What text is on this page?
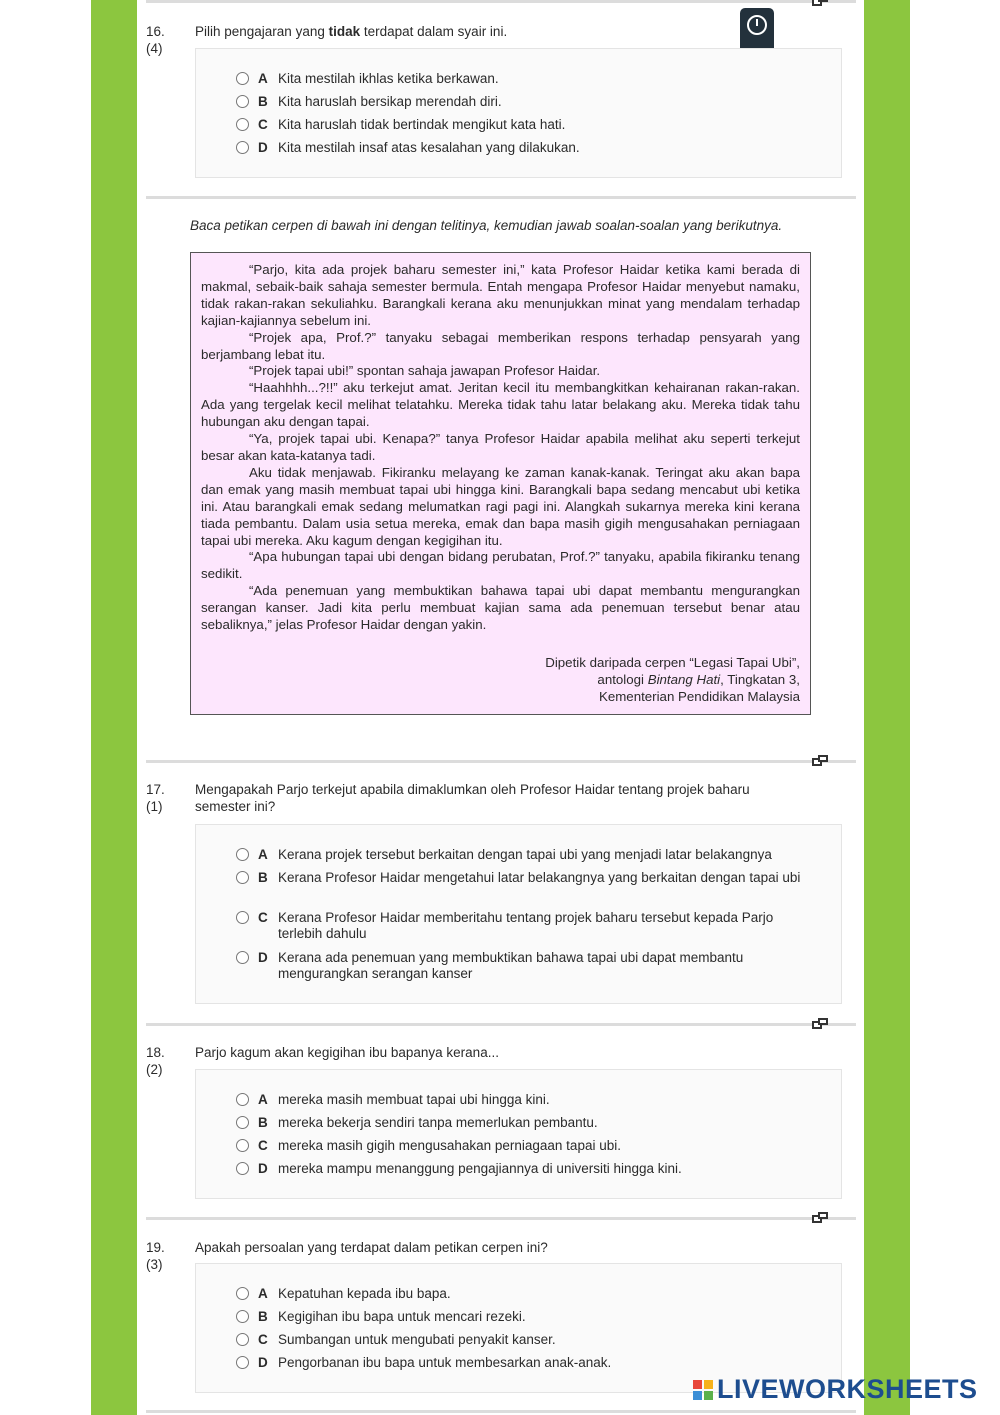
16.(4)
Pilih pengajaran yang tidak terdapat dalam syair ini.
A Kita mestilah ikhlas ketika berkawan.
B Kita haruslah bersikap merendah diri.
C Kita haruslah tidak bertindak mengikut kata hati.
D Kita mestilah insaf atas kesalahan yang dilakukan.
Baca petikan cerpen di bawah ini dengan telitinya, kemudian jawab soalan-soalan yang berikutnya.

“Parjo, kita ada projek baharu semester ini,” kata Profesor Haidar ketika kami berada di makmal, sebaik-baik sahaja semester bermula. Entah mengapa Profesor Haidar menyebut namaku, tidak rakan-rakan sekuliahku. Barangkali kerana aku menunjukkan minat yang mendalam terhadap kajian-kajiannya sebelum ini.

“Projek apa, Prof.?” tanyaku sebagai memberikan respons terhadap pensyarah yang berjambang lebat itu.

“Projek tapai ubi!” spontan sahaja jawapan Profesor Haidar.

“Haahhhh...?!!” aku terkejut amat. Jeritan kecil itu membangkitkan kehairanan rakan-rakan. Ada yang tergelak kecil melihat telatahku. Mereka tidak tahu latar belakang aku. Mereka tidak tahu hubungan aku dengan tapai.

“Ya, projek tapai ubi. Kenapa?” tanya Profesor Haidar apabila melihat aku seperti terkejut besar akan kata-katanya tadi.

Aku tidak menjawab. Fikiranku melayang ke zaman kanak-kanak. Teringat aku akan bapa dan emak yang masih membuat tapai ubi hingga kini. Barangkali bapa sedang mencabut ubi ketika ini. Atau barangkali emak sedang melumatkan ragi pagi ini. Alangkah sukarnya mereka kini kerana tiada pembantu. Dalam usia setua mereka, emak dan bapa masih gigih mengusahakan perniagaan tapai ubi mereka. Aku kagum dengan kegigihan itu.

“Apa hubungan tapai ubi dengan bidang perubatan, Prof.?” tanyaku, apabila fikiranku tenang sedikit.

“Ada penemuan yang membuktikan bahawa tapai ubi dapat membantu mengurangkan serangan kanser. Jadi kita perlu membuat kajian sama ada penemuan tersebut benar atau sebaliknya,” jelas Profesor Haidar dengan yakin.

Dipetik daripada cerpen “Legasi Tapai Ubi”,
antologi Bintang Hati, Tingkatan 3,
Kementerian Pendidikan Malaysia
17.(1)
Mengapakah Parjo terkejut apabila dimaklumkan oleh Profesor Haidar tentang projek baharu semester ini?
A Kerana projek tersebut berkaitan dengan tapai ubi yang menjadi latar belakangnya
B Kerana Profesor Haidar mengetahui latar belakangnya yang berkaitan dengan tapai ubi
C Kerana Profesor Haidar memberitahu tentang projek baharu tersebut kepada Parjo terlebih dahulu
D Kerana ada penemuan yang membuktikan bahawa tapai ubi dapat membantu mengurangkan serangan kanser
18.(2)
Parjo kagum akan kegigihan ibu bapanya kerana...
A mereka masih membuat tapai ubi hingga kini.
B mereka bekerja sendiri tanpa memerlukan pembantu.
C mereka masih gigih mengusahakan perniagaan tapai ubi.
D mereka mampu menanggung pengajiannya di universiti hingga kini.
19.(3)
Apakah persoalan yang terdapat dalam petikan cerpen ini?
A Kepatuhan kepada ibu bapa.
B Kegigihan ibu bapa untuk mencari rezeki.
C Sumbangan untuk mengubati penyakit kanser.
D Pengorbanan ibu bapa untuk membesarkan anak-anak.
LIVEWORKSHEETS
